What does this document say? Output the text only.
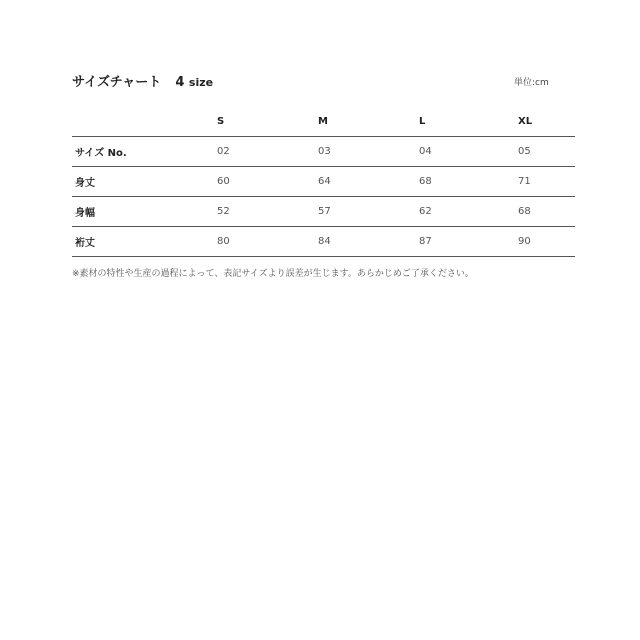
サイズチャート 4 size	単位:cm
	S	M	L	XL
サイズ No.	02	03	04	05
身丈	60	64	68	71
身幅	52	57	62	68
裄丈	80	84	87	90
※素材の特性や生産の過程によって、表記サイズより誤差が生じます。あらかじめご了承ください。
